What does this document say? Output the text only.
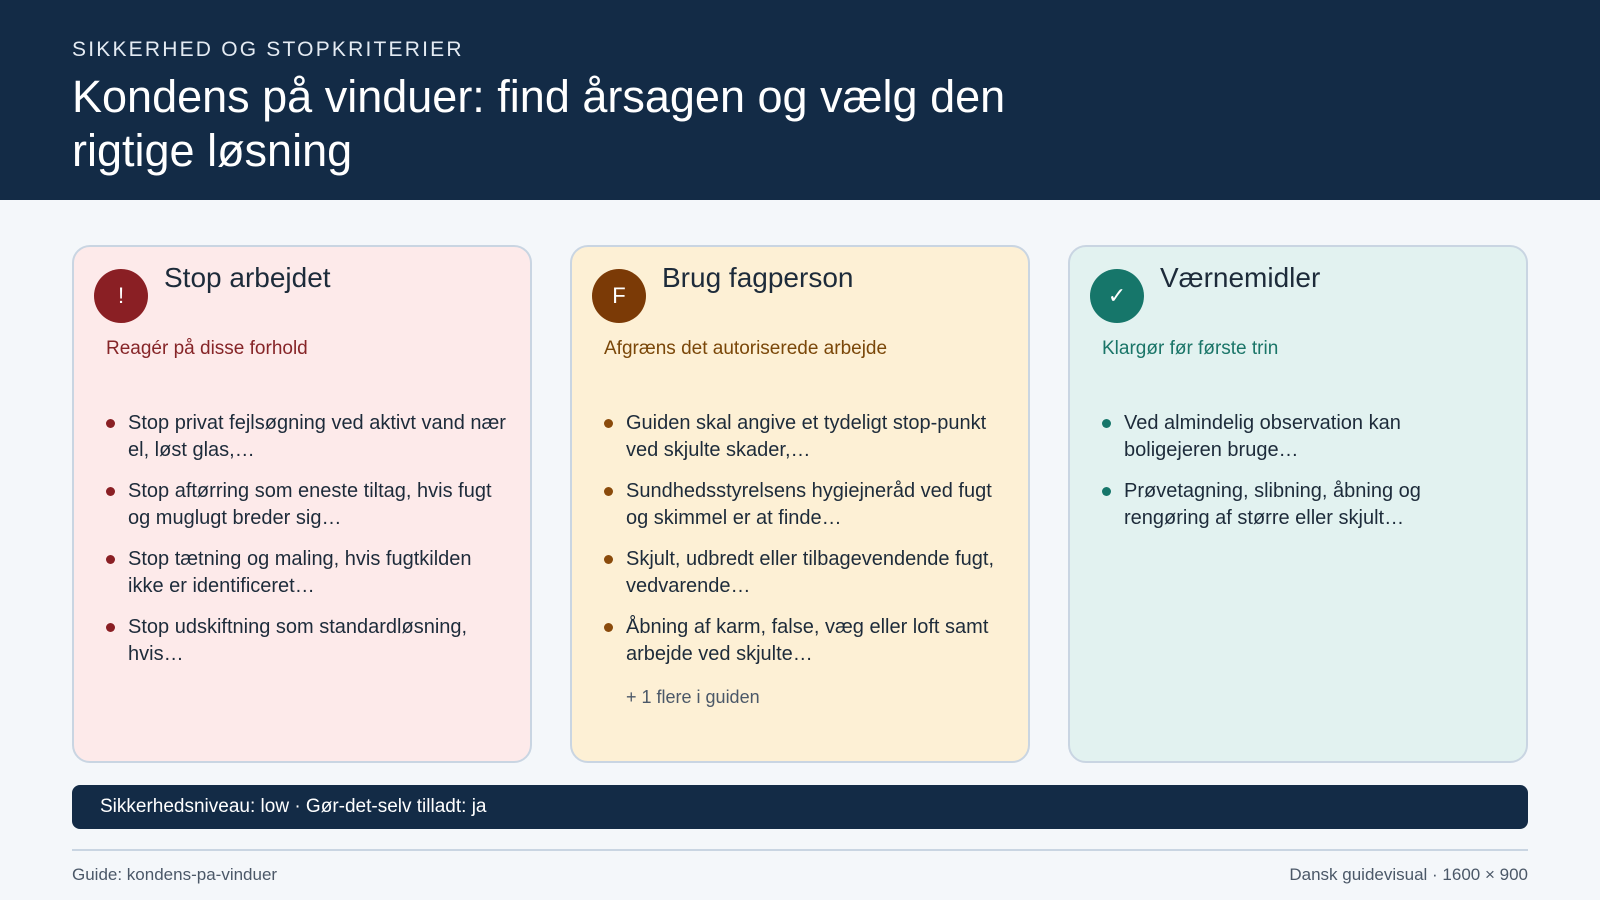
SIKKERHED OG STOPKRITERIER
Kondens på vinduer: find årsagen og vælg den rigtige løsning
!
Stop arbejdet
Reagér på disse forhold
Stop privat fejlsøgning ved aktivt vand nær el, løst glas,…
Stop aftørring som eneste tiltag, hvis fugt og muglugt breder sig…
Stop tætning og maling, hvis fugtkilden ikke er identificeret…
Stop udskiftning som standardløsning, hvis…
F
Brug fagperson
Afgræns det autoriserede arbejde
Guiden skal angive et tydeligt stop-punkt ved skjulte skader,…
Sundhedsstyrelsens hygiejneråd ved fugt og skimmel er at finde…
Skjult, udbredt eller tilbagevendende fugt, vedvarende…
Åbning af karm, false, væg eller loft samt arbejde ved skjulte…
+ 1 flere i guiden
✓
Værnemidler
Klargør før første trin
Ved almindelig observation kan boligejeren bruge…
Prøvetagning, slibning, åbning og rengøring af større eller skjult…
Sikkerhedsniveau: low · Gør-det-selv tilladt: ja
Guide: kondens-pa-vinduer	Dansk guidevisual · 1600 × 900
